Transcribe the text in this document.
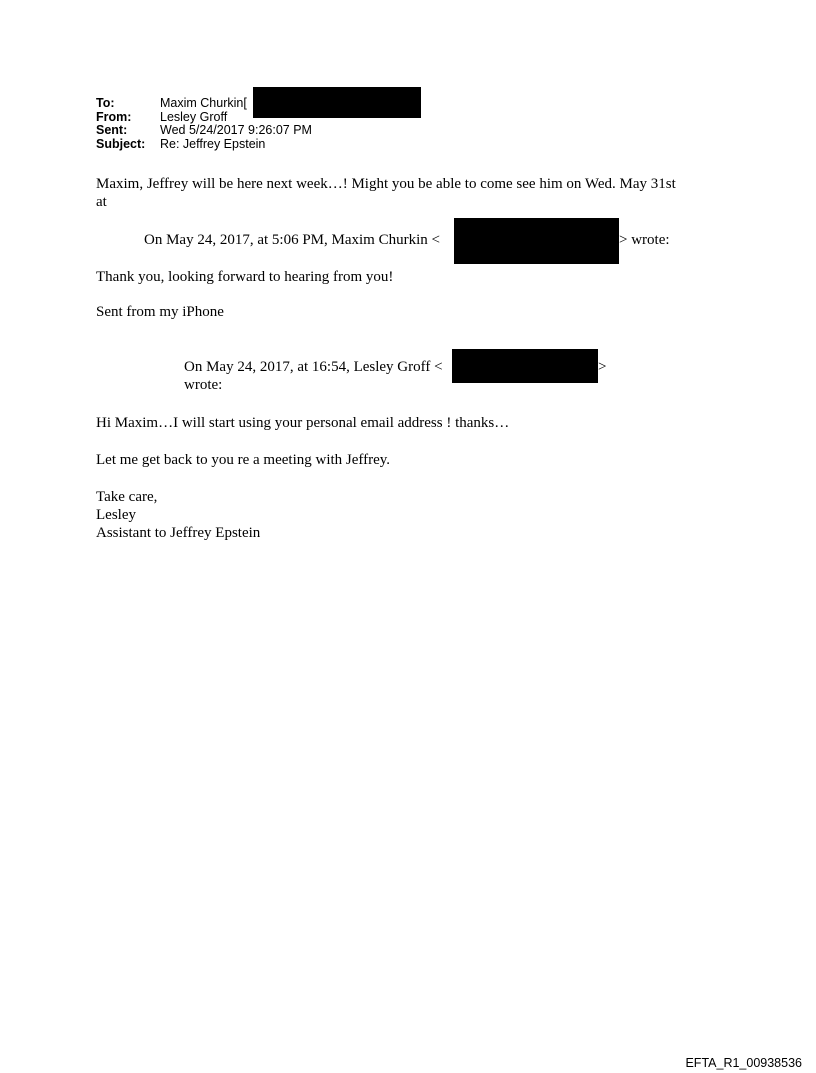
To:	Maxim Churkin[
From:	Lesley Groff
Sent:	Wed 5/24/2017 9:26:07 PM
Subject:	Re: Jeffrey Epstein
Maxim, Jeffrey will be here next week…! Might you be able to come see him on Wed. May 31st
at
On May 24, 2017, at 5:06 PM, Maxim Churkin <	> wrote:
Thank you, looking forward to hearing from you!
Sent from my iPhone
On May 24, 2017, at 16:54, Lesley Groff <	>
wrote:
Hi Maxim…I will start using your personal email address ! thanks…
Let me get back to you re a meeting with Jeffrey.
Take care,
Lesley
Assistant to Jeffrey Epstein
EFTA_R1_00938536
